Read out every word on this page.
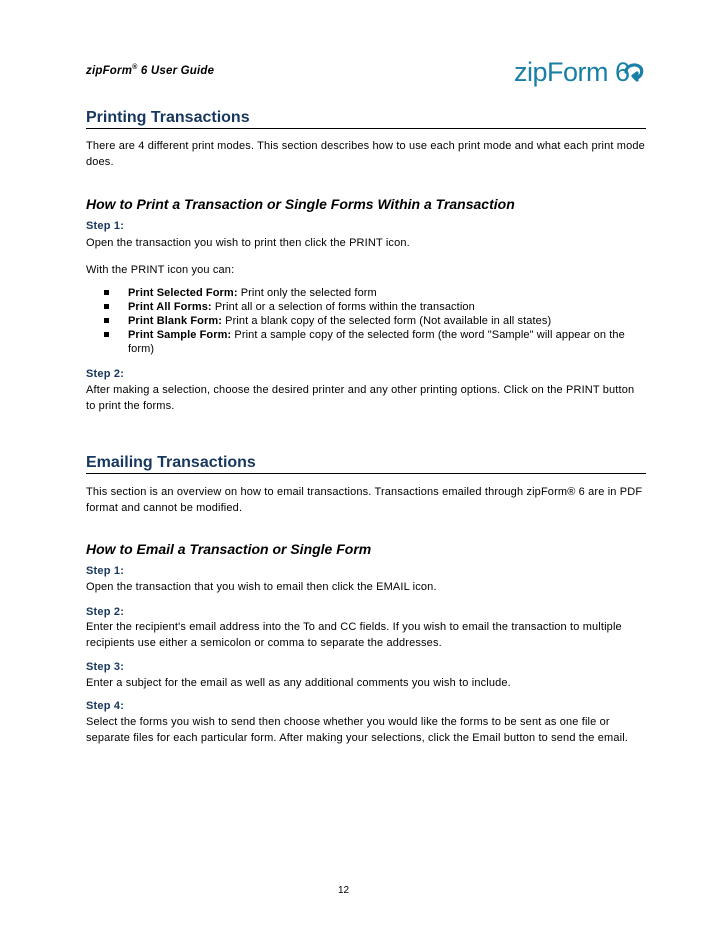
zipForm® 6 User Guide	zipForm 6
Printing Transactions
There are 4 different print modes. This section describes how to use each print mode and what each print mode does.
How to Print a Transaction or Single Forms Within a Transaction
Step 1:
Open the transaction you wish to print then click the PRINT icon.
With the PRINT icon you can:
Print Selected Form: Print only the selected form
Print All Forms: Print all or a selection of forms within the transaction
Print Blank Form: Print a blank copy of the selected form (Not available in all states)
Print Sample Form: Print a sample copy of the selected form (the word "Sample" will appear on the form)
Step 2:
After making a selection, choose the desired printer and any other printing options. Click on the PRINT button to print the forms.
Emailing Transactions
This section is an overview on how to email transactions. Transactions emailed through zipForm® 6 are in PDF format and cannot be modified.
How to Email a Transaction or Single Form
Step 1:
Open the transaction that you wish to email then click the EMAIL icon.
Step 2:
Enter the recipient's email address into the To and CC fields. If you wish to email the transaction to multiple recipients use either a semicolon or comma to separate the addresses.
Step 3:
Enter a subject for the email as well as any additional comments you wish to include.
Step 4:
Select the forms you wish to send then choose whether you would like the forms to be sent as one file or separate files for each particular form. After making your selections, click the Email button to send the email.
12
